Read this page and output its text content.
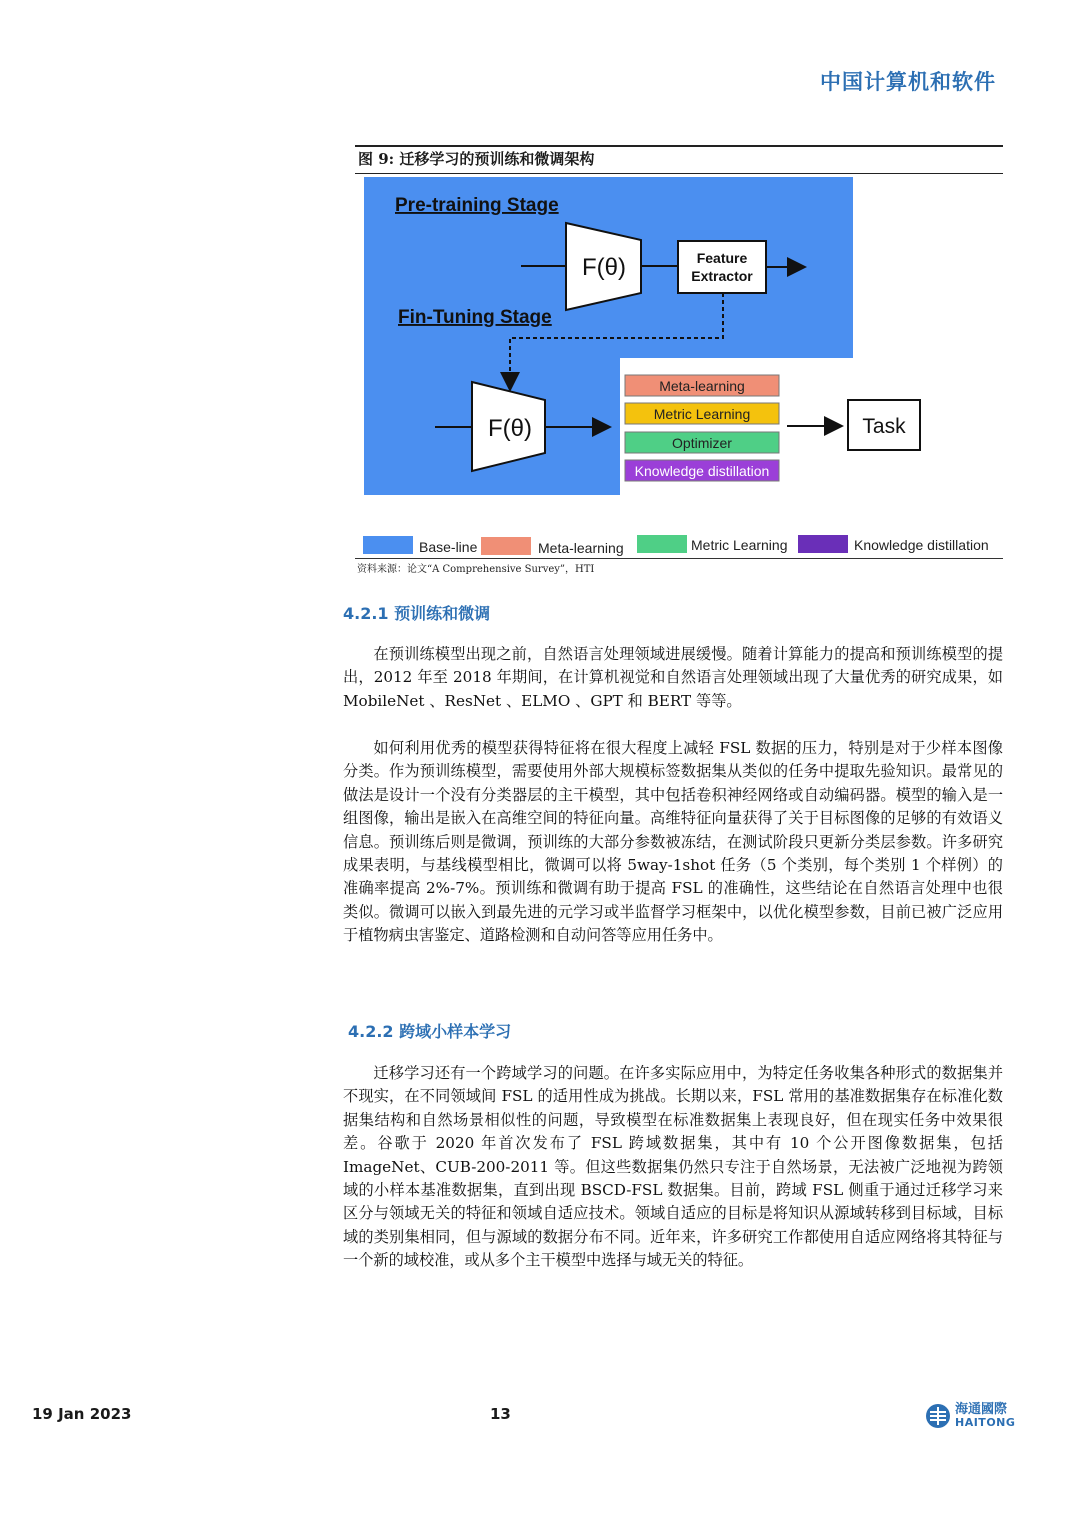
中国计算机和软件
图 9: 迁移学习的预训练和微调架构
Pre-training Stage
Fin-Tuning Stage
F(θ)	Feature
Extractor
F(θ)
Meta-learning
Metric Learning
Optimizer
Knowledge distillation
Task
Base-line	Meta-learning	Metric Learning	Knowledge distillation
资料来源：论文“A Comprehensive Survey”，HTI
4.2.1 预训练和微调

在预训练模型出现之前，自然语言处理领域进展缓慢。随着计算能力的提高和预训练模型的提出，2012 年至 2018 年期间，在计算机视觉和自然语言处理领域出现了大量优秀的研究成果，如 MobileNet 、ResNet 、ELMO 、GPT 和 BERT 等等。

如何利用优秀的模型获得特征将在很大程度上减轻 FSL 数据的压力，特别是对于少样本图像分类。作为预训练模型，需要使用外部大规模标签数据集从类似的任务中提取先验知识。最常见的做法是设计一个没有分类器层的主干模型，其中包括卷积神经网络或自动编码器。模型的输入是一组图像，输出是嵌入在高维空间的特征向量。高维特征向量获得了关于目标图像的足够的有效语义信息。预训练后则是微调，预训练的大部分参数被冻结，在测试阶段只更新分类层参数。许多研究成果表明，与基线模型相比，微调可以将 5way-1shot 任务（5 个类别，每个类别 1 个样例）的准确率提高 2%-7%。预训练和微调有助于提高 FSL 的准确性，这些结论在自然语言处理中也很类似。微调可以嵌入到最先进的元学习或半监督学习框架中，以优化模型参数，目前已被广泛应用于植物病虫害鉴定、道路检测和自动问答等应用任务中。

4.2.2 跨域小样本学习

迁移学习还有一个跨域学习的问题。在许多实际应用中，为特定任务收集各种形式的数据集并不现实，在不同领域间 FSL 的适用性成为挑战。长期以来，FSL 常用的基准数据集存在标准化数据集结构和自然场景相似性的问题，导致模型在标准数据集上表现良好，但在现实任务中效果很差。谷歌于 2020 年首次发布了 FSL 跨域数据集，其中有 10 个公开图像数据集，包括 ImageNet、CUB-200-2011 等。但这些数据集仍然只专注于自然场景，无法被广泛地视为跨领域的小样本基准数据集，直到出现 BSCD-FSL 数据集。目前，跨域 FSL 侧重于通过迁移学习来区分与领域无关的特征和领域自适应技术。领域自适应的目标是将知识从源域转移到目标域，目标域的类别集相同，但与源域的数据分布不同。近年来，许多研究工作都使用自适应网络将其特征与一个新的域校准，或从多个主干模型中选择与域无关的特征。

19 Jan 2023	13	海通國際
HAITONG
